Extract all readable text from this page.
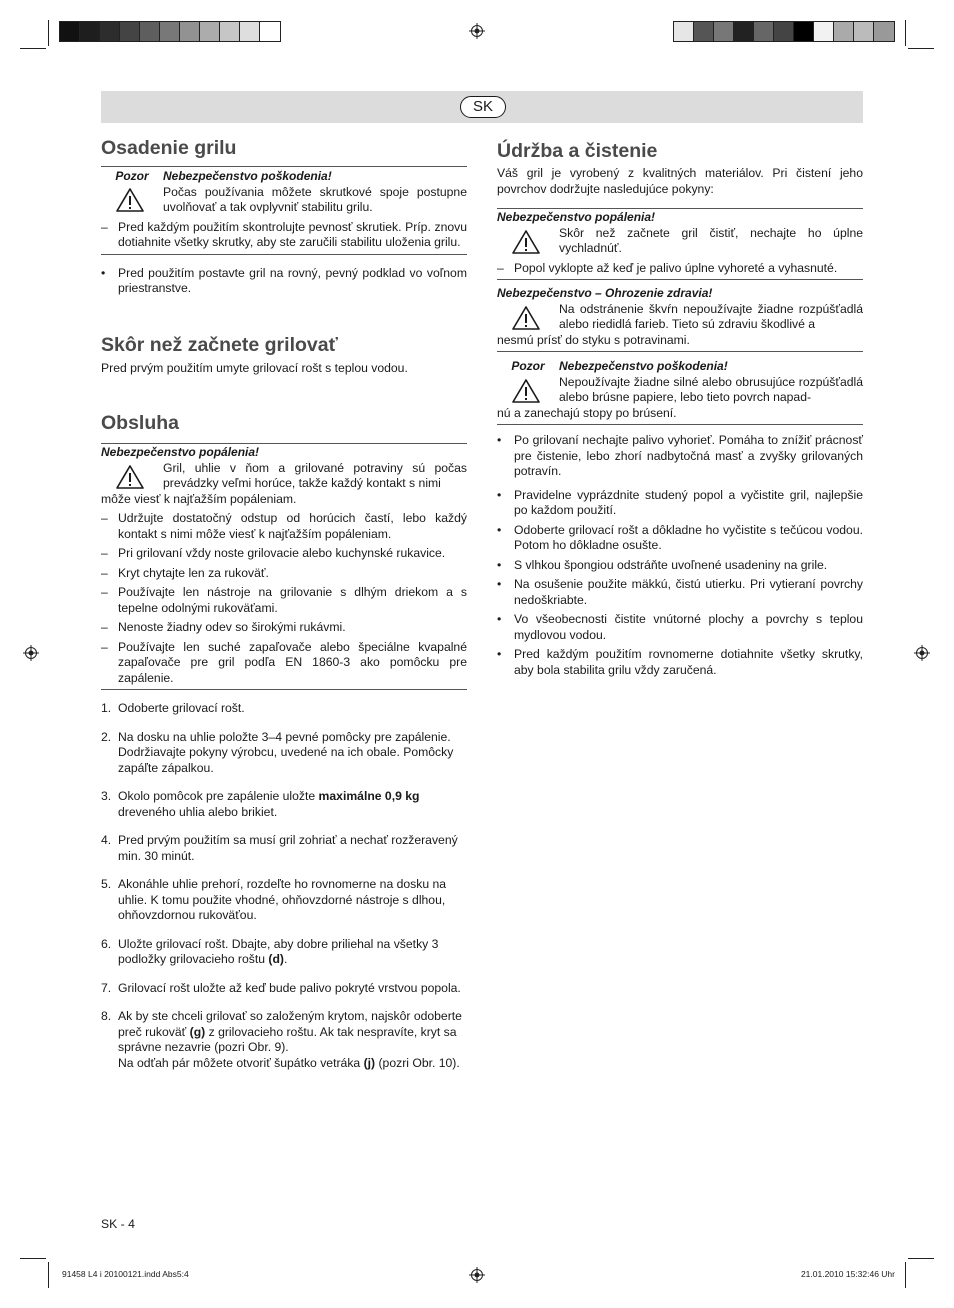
SK
Osadenie grilu
Pozor	Nebezpečenstvo poškodenia!

Počas používania môžete skrutkové spoje postupne uvolňovať a tak ovplyvniť stabilitu grilu.

– Pred každým použitím skontrolujte pevnosť skrutiek. Príp. znovu dotiahnite všetky skrutky, aby ste zaručili stabilitu uloženia grilu.

• Pred použitím postavte gril na rovný, pevný podklad vo voľnom priestranstve.

Skôr než začnete grilovať

Pred prvým použitím umyte grilovací rošt s teplou vodou.

Obsluha
Nebezpečenstvo popálenia!

Gril, uhlie v ňom a grilované potraviny sú počas prevádzky veľmi horúce, takže každý kontakt s nimi

môže viesť k najťažším popáleniam.

– Udržujte dostatočný odstup od horúcich častí, lebo každý kontakt s nimi môže viesť k najťažším popáleniam.

– Pri grilovaní vždy noste grilovacie alebo kuchynské rukavice.

– Kryt chytajte len za rukoväť.

– Používajte len nástroje na grilovanie s dlhým driekom a s tepelne odolnými rukoväťami.

– Nenoste žiadny odev so širokými rukávmi.

– Používajte len suché zapaľovače alebo špeciálne kvapalné zapaľovače pre gril podľa EN 1860-3 ako pomôcku pre zapálenie.

1. Odoberte grilovací rošt.
2. Na dosku na uhlie položte 3–4 pevné pomôcky pre zapálenie. Dodržiavajte pokyny výrobcu, uvedené na ich obale. Pomôcky zapáľte zápalkou.
3. Okolo pomôcok pre zapálenie uložte maximálne 0,9 kg dreveného uhlia alebo brikiet.
4. Pred prvým použitím sa musí gril zohriať a nechať rozžeravený min. 30 minút.
5. Akonáhle uhlie prehorí, rozdeľte ho rovnomerne na dosku na uhlie. K tomu použite vhodné, ohňovzdorné nástroje s dlhou, ohňovzdornou rukoväťou.
6. Uložte grilovací rošt. Dbajte, aby dobre priliehal na všetky 3 podložky grilovacieho roštu (d).
7. Grilovací rošt uložte až keď bude palivo pokryté vrstvou popola.
8. Ak by ste chceli grilovať so založeným krytom, najskôr odoberte preč rukoväť (g) z grilovacieho roštu. Ak tak nespravíte, kryt sa správne nezavrie (pozri Obr. 9).
Na odťah pár môžete otvoriť šupátko vetráka (j) (pozri Obr. 10).
Údržba a čistenie

Váš gril je vyrobený z kvalitných materiálov. Pri čistení jeho povrchov dodržujte nasledujúce pokyny:

Nebezpečenstvo popálenia!

Skôr než začnete gril čistiť, nechajte ho úplne vychladnúť.

– Popol vyklopte až keď je palivo úplne vyhoreté a vyhasnuté.

Nebezpečenstvo – Ohrozenie zdravia!

Na odstránenie škvŕn nepoužívajte žiadne rozpúšťadlá alebo riedidlá farieb. Tieto sú zdraviu škodlivé a

nesmú prísť do styku s potravinami.

Pozor	Nebezpečenstvo poškodenia!

Nepoužívajte žiadne silné alebo obrusujúce rozpúšťadlá alebo brúsne papiere, lebo tieto povrch napad-

nú a zanechajú stopy po brúsení.

• Po grilovaní nechajte palivo vyhorieť. Pomáha to znížiť prácnosť pre čistenie, lebo zhorí nadbytočná masť a zvyšky grilovaných potravín.

• Pravidelne vyprázdnite studený popol a vyčistite gril, najlepšie po každom použití.

• Odoberte grilovací rošt a dôkladne ho vyčistite s tečúcou vodou. Potom ho dôkladne osušte.

• S vlhkou špongiou odstráňte uvoľnené usadeniny na grile.

• Na osušenie použite mäkkú, čistú utierku. Pri vytieraní povrchy nedoškriabte.

• Vo všeobecnosti čistite vnútorné plochy a povrchy s teplou mydlovou vodou.

• Pred každým použitím rovnomerne dotiahnite všetky skrutky, aby bola stabilita grilu vždy zaručená.

SK - 4
91458 L4 i 20100121.indd Abs5:4	21.01.2010 15:32:46 Uhr
